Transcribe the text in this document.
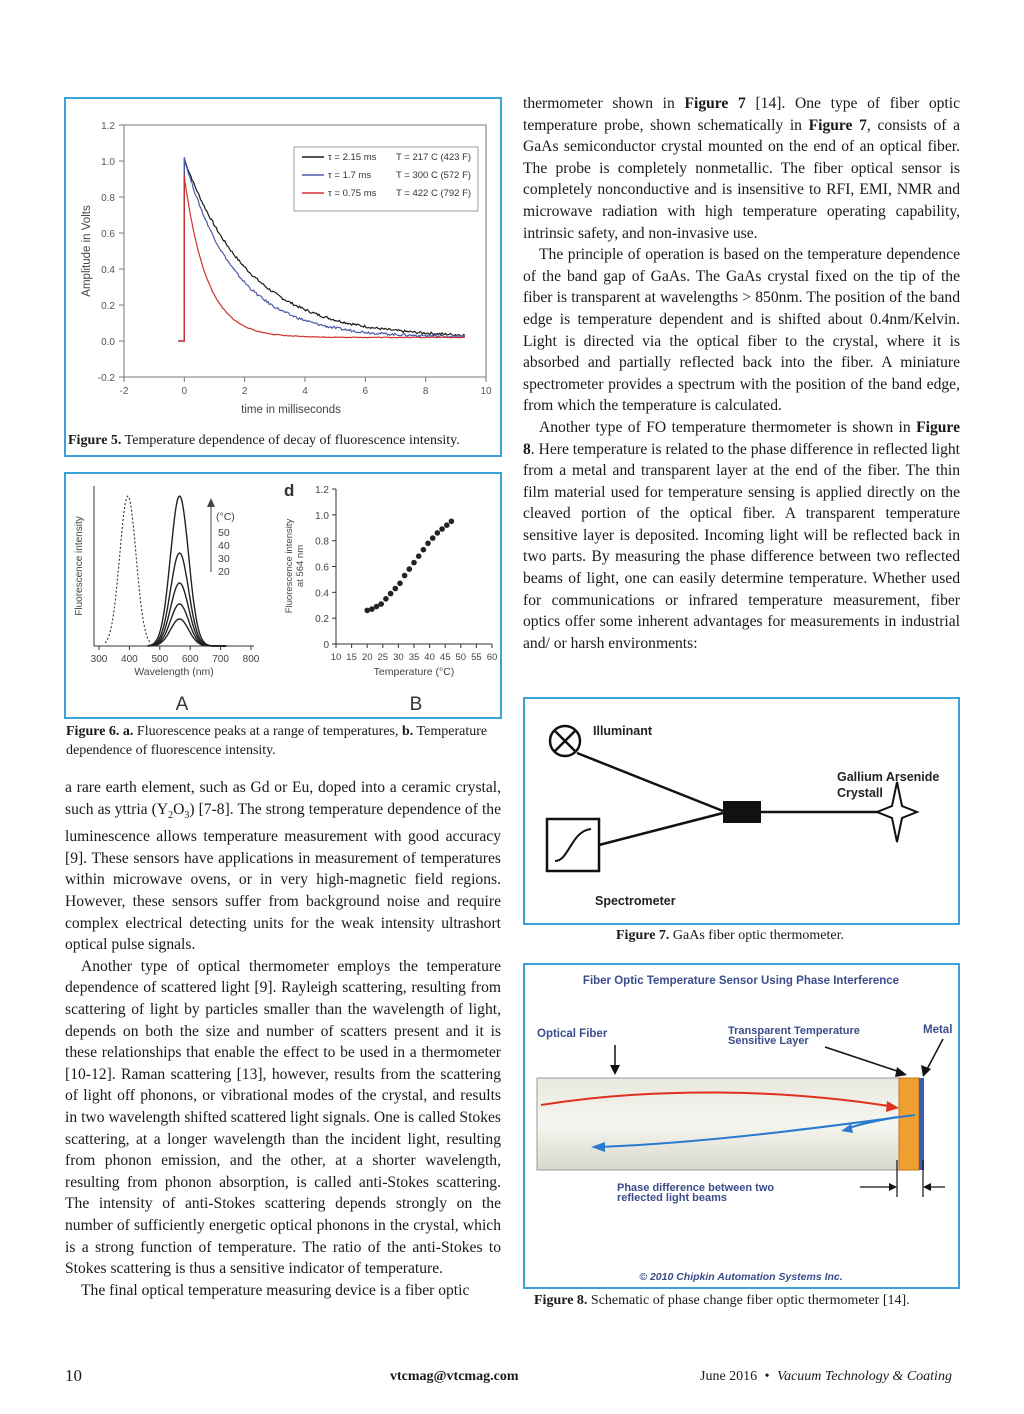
1.2
1.0
0.8
0.6
0.4
0.2
0.0
-0.2
-2	0	2	4	6	8	10
Amplitude in Volts
time in milliseconds
τ = 2.15 ms T = 217 C (423 F)
τ = 1.7 ms	T = 300 C (572 F)
τ = 0.75 ms T = 422 C (792 F)
Figure 5. Temperature dependence of decay of fluorescence intensity.
300 400 500 600 700 800
Fluorescence intensity
Wavelength (nm)
(°C)
50
40
30
20
A
d 1.2
1.0
0.8
0.6
0.4
0.2
0
10 15 20 25 30 35 40 45 50 55 60
Fluorescence intensity at 564 nm
Temperature (°C)
B
Figure 6. a. Fluorescence peaks at a range of temperatures, b. Temperature dependence of fluorescence intensity.

a rare earth element, such as Gd or Eu, doped into a ceramic crystal, such as yttria $(Y_2O_3)$ [7-8]. The strong temperature dependence of the luminescence allows temperature measurement with good accuracy [9]. These sensors have applications in measurement of temperatures within microwave ovens, or in very high-magnetic field regions. However, these sensors suffer from background noise and require complex electrical detecting units for the weak intensity ultrashort optical pulse signals.

Another type of optical thermometer employs the temperature dependence of scattered light [9]. Rayleigh scattering, resulting from scattering of light by particles smaller than the wavelength of light, depends on both the size and number of scatters present and it is these relationships that enable the effect to be used in a thermometer [10-12]. Raman scattering [13], however, results from the scattering of light off phonons, or vibrational modes of the crystal, and results in two wavelength shifted scattered light signals. One is called Stokes scattering, at a longer wavelength than the incident light, resulting from phonon emission, and the other, at a shorter wavelength, resulting from phonon absorption, is called anti-Stokes scattering. The intensity of anti-Stokes scattering depends strongly on the number of sufficiently energetic optical phonons in the crystal, which is a strong function of temperature. The ratio of the anti-Stokes to Stokes scattering is thus a sensitive indicator of temperature.

The final optical temperature measuring device is a fiber optic

thermometer shown in Figure 7 [14]. One type of fiber optic temperature probe, shown schematically in Figure 7, consists of a GaAs semiconductor crystal mounted on the end of an optical fiber. The probe is completely nonmetallic. The fiber optical sensor is completely nonconductive and is insensitive to RFI, EMI, NMR and microwave radiation with high temperature operating capability, intrinsic safety, and non-invasive use.

The principle of operation is based on the temperature dependence of the band gap of GaAs. The GaAs crystal fixed on the tip of the fiber is transparent at wavelengths > 850nm. The position of the band edge is temperature dependent and is shifted about 0.4nm/Kelvin. Light is directed via the optical fiber to the crystal, where it is absorbed and partially reflected back into the fiber. A miniature spectrometer provides a spectrum with the position of the band edge, from which the temperature is calculated.

Another type of FO temperature thermometer is shown in Figure 8. Here temperature is related to the phase difference in reflected light from a metal and transparent layer at the end of the fiber. The thin film material used for temperature sensing is applied directly on the cleaved portion of the optical fiber. A transparent temperature sensitive layer is deposited. Incoming light will be reflected back in two parts. By measuring the phase difference between two reflected beams of light, one can easily determine temperature. Whether used for communications or infrared temperature measurement, fiber optics offer some inherent advantages for measurements in industrial and/ or harsh environments:

Illuminant
Spectrometer
Gallium Arsenide
Crystall
Figure 7. GaAs fiber optic thermometer.
Fiber Optic Temperature Sensor Using Phase Interference
Optical Fiber	Transparent Temperature
Sensitive Layer
Metal
Phase difference between two
reflected light beams
© 2010 Chipkin Automation Systems Inc.
Figure 8. Schematic of phase change fiber optic thermometer [14].
10	vtcmag@vtcmag.com	June 2016 • Vacuum Technology & Coating
